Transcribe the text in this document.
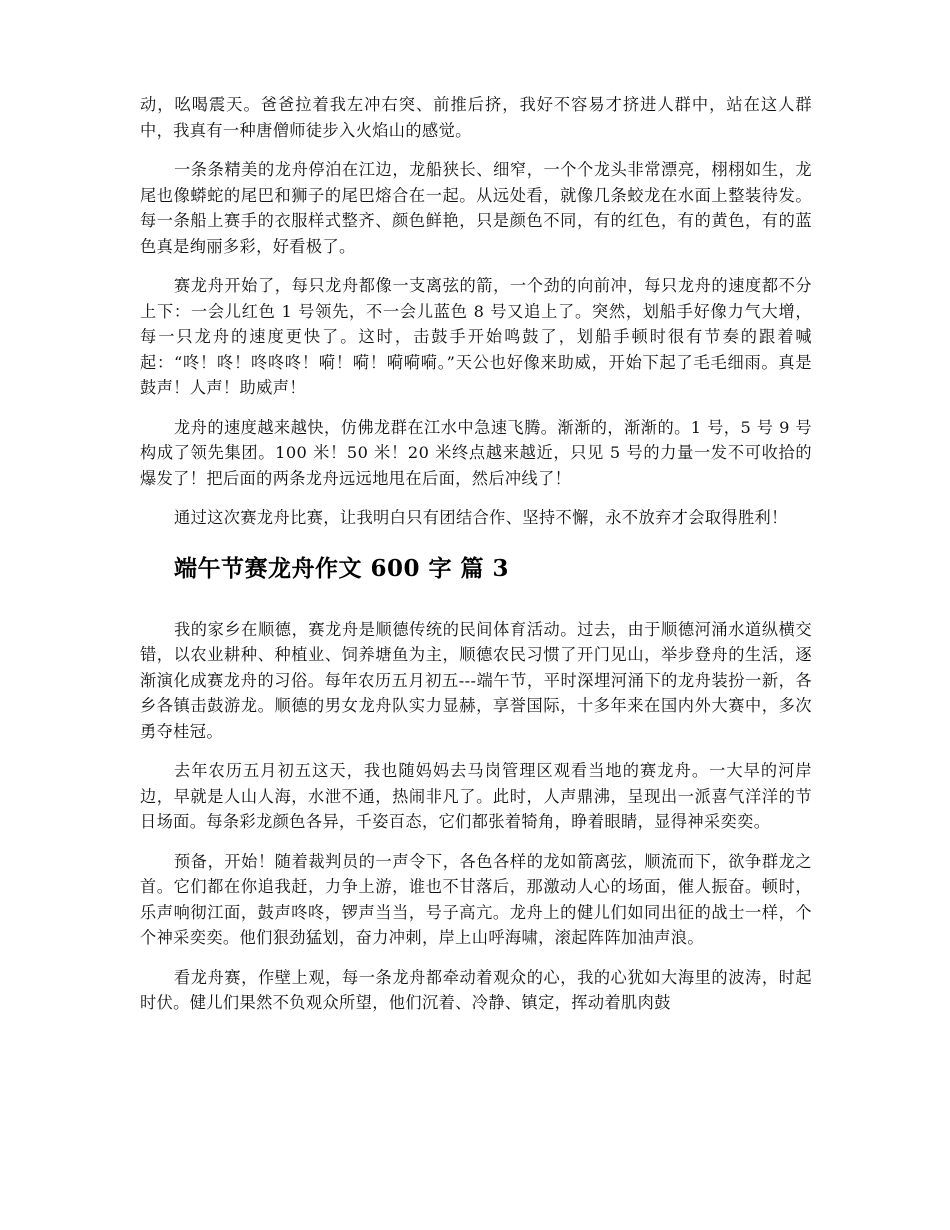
动，吆喝震天。爸爸拉着我左冲右突、前推后挤，我好不容易才挤进人群中，站在这人群中，我真有一种唐僧师徒步入火焰山的感觉。

一条条精美的龙舟停泊在江边，龙船狭长、细窄，一个个龙头非常漂亮，栩栩如生，龙尾也像蟒蛇的尾巴和狮子的尾巴熔合在一起。从远处看，就像几条蛟龙在水面上整装待发。每一条船上赛手的衣服样式整齐、颜色鲜艳，只是颜色不同，有的红色，有的黄色，有的蓝色真是绚丽多彩，好看极了。

赛龙舟开始了，每只龙舟都像一支离弦的箭，一个劲的向前冲，每只龙舟的速度都不分上下：一会儿红色 1 号领先，不一会儿蓝色 8 号又追上了。突然，划船手好像力气大增，每一只龙舟的速度更快了。这时，击鼓手开始鸣鼓了，划船手顿时很有节奏的跟着喊起：“咚！咚！咚咚咚！嗬！嗬！嗬嗬嗬。”天公也好像来助威，开始下起了毛毛细雨。真是鼓声！人声！助威声！

龙舟的速度越来越快，仿佛龙群在江水中急速飞腾。渐渐的，渐渐的。1 号，5 号 9 号构成了领先集团。100 米！50 米！20 米终点越来越近，只见 5 号的力量一发不可收拾的爆发了！把后面的两条龙舟远远地甩在后面，然后冲线了！

通过这次赛龙舟比赛，让我明白只有团结合作、坚持不懈，永不放弃才会取得胜利！

端午节赛龙舟作文 600 字 篇 3

我的家乡在顺德，赛龙舟是顺德传统的民间体育活动。过去，由于顺德河涌水道纵横交错，以农业耕种、种植业、饲养塘鱼为主，顺德农民习惯了开门见山，举步登舟的生活，逐渐演化成赛龙舟的习俗。每年农历五月初五---端午节，平时深埋河涌下的龙舟装扮一新，各乡各镇击鼓游龙。顺德的男女龙舟队实力显赫，享誉国际，十多年来在国内外大赛中，多次勇夺桂冠。

去年农历五月初五这天，我也随妈妈去马岗管理区观看当地的赛龙舟。一大早的河岸边，早就是人山人海，水泄不通，热闹非凡了。此时，人声鼎沸，呈现出一派喜气洋洋的节日场面。每条彩龙颜色各异，千姿百态，它们都张着犄角，睁着眼睛，显得神采奕奕。

预备，开始！随着裁判员的一声令下，各色各样的龙如箭离弦，顺流而下，欲争群龙之首。它们都在你追我赶，力争上游，谁也不甘落后，那激动人心的场面，催人振奋。顿时，乐声响彻江面，鼓声咚咚，锣声当当，号子高亢。龙舟上的健儿们如同出征的战士一样，个个神采奕奕。他们狠劲猛划，奋力冲刺，岸上山呼海啸，滚起阵阵加油声浪。

看龙舟赛，作壁上观，每一条龙舟都牵动着观众的心，我的心犹如大海里的波涛，时起时伏。健儿们果然不负观众所望，他们沉着、冷静、镇定，挥动着肌肉鼓
